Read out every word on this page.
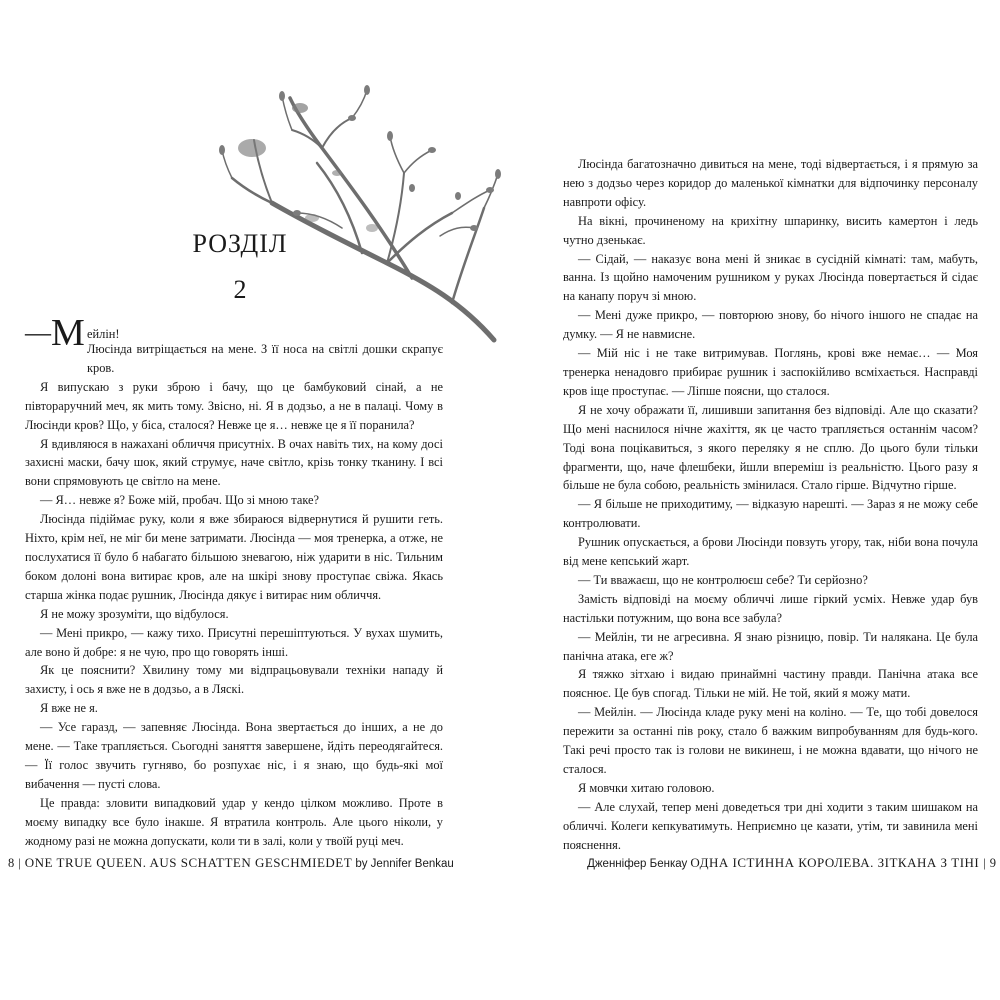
РОЗДІЛ
2
— М ейлін!

Люсінда витріщається на мене. З її носа на світлі дошки скрапує кров.

Я випускаю з руки зброю і бачу, що це бамбуковий сінай, а не півтораручний меч, як мить тому. Звісно, ні. Я в додзьо, а не в палаці. Чому в Люсінди кров? Що, у біса, сталося? Невже це я… невже це я її поранила?

Я вдивляюся в нажахані обличчя присутніх. В очах навіть тих, на кому досі захисні маски, бачу шок, який струмує, наче світло, крізь тонку тканину. І всі вони спрямовують це світло на мене.

— Я… невже я? Боже мій, пробач. Що зі мною таке?

Люсінда підіймає руку, коли я вже збираюся відвернутися й рушити геть. Ніхто, крім неї, не міг би мене затримати. Люсінда — моя тренерка, а отже, не послухатися її було б набагато більшою зневагою, ніж ударити в ніс. Тильним боком долоні вона витирає кров, але на шкірі знову проступає свіжа. Якась старша жінка подає рушник, Люсінда дякує і витирає ним обличчя.

Я не можу зрозуміти, що відбулося.

— Мені прикро, — кажу тихо. Присутні перешіптуються. У вухах шумить, але воно й добре: я не чую, про що говорять інші.

Як це пояснити? Хвилину тому ми відпрацьовували техніки нападу й захисту, і ось я вже не в додзьо, а в Ляскі.

Я вже не я.

— Усе гаразд, — запевняє Люсінда. Вона звертається до інших, а не до мене. — Таке трапляється. Сьогодні заняття завершене, йдіть переодягайтеся. — Її голос звучить гугняво, бо розпухає ніс, і я знаю, що будь-які мої вибачення — пусті слова.

Це правда: зловити випадковий удар у кендо цілком можливо. Проте в моєму випадку все було інакше. Я втратила контроль. Але цього ніколи, у жодному разі не можна допускати, коли ти в залі, коли у твоїй руці меч.

8 | ONE TRUE QUEEN. AUS SCHATTEN GESCHMIEDET by Jennifer Benkau

Люсінда багатозначно дивиться на мене, тоді відвертається, і я прямую за нею з додзьо через коридор до маленької кімнатки для відпочинку персоналу навпроти офісу.

На вікні, прочиненому на крихітну шпаринку, висить камертон і ледь чутно дзенькає.

— Сідай, — наказує вона мені й зникає в сусідній кімнаті: там, мабуть, ванна. Із щойно намоченим рушником у руках Люсінда повертається й сідає на канапу поруч зі мною.

— Мені дуже прикро, — повторюю знову, бо нічого іншого не спадає на думку. — Я не навмисне.

— Мій ніс і не таке витримував. Поглянь, крові вже немає… — Моя тренерка ненадовго прибирає рушник і заспокійливо всміхається. Насправді кров іще проступає. — Ліпше поясни, що сталося.

Я не хочу ображати її, лишивши запитання без відповіді. Але що сказати? Що мені наснилося нічне жахіття, як це часто трапляється останнім часом? Тоді вона поцікавиться, з якого переляку я не сплю. До цього були тільки фрагменти, що, наче флешбеки, йшли впереміш із реальністю. Цього разу я більше не була собою, реальність змінилася. Стало гірше. Відчутно гірше.

— Я більше не приходитиму, — відказую нарешті. — Зараз я не можу себе контролювати.

Рушник опускається, а брови Люсінди повзуть угору, так, ніби вона почула від мене кепський жарт.

— Ти вважаєш, що не контролюєш себе? Ти серйозно?

Замість відповіді на моєму обличчі лише гіркий усміх. Невже удар був настільки потужним, що вона все забула?

— Мейлін, ти не агресивна. Я знаю різницю, повір. Ти налякана. Це була панічна атака, еге ж?

Я тяжко зітхаю і видаю принаймні частину правди. Панічна атака все пояснює. Це був спогад. Тільки не мій. Не той, який я можу мати.

— Мейлін. — Люсінда кладе руку мені на коліно. — Те, що тобі довелося пережити за останні пів року, стало б важким випробуванням для будь-кого. Такі речі просто так із голови не викинеш, і не можна вдавати, що нічого не сталося.

Я мовчки хитаю головою.

— Але слухай, тепер мені доведеться три дні ходити з таким шишаком на обличчі. Колеги кепкуватимуть. Неприємно це казати, утім, ти завинила мені пояснення.

Дженніфер Бенкау ОДНА ІСТИННА КОРОЛЕВА. ЗІТКАНА З ТІНІ | 9
